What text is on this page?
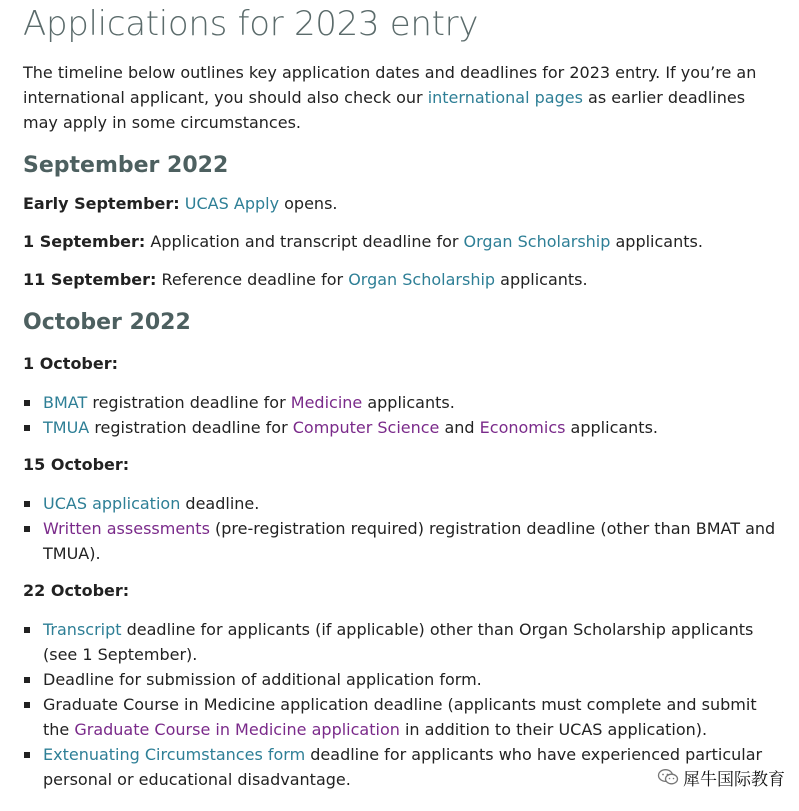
Applications for 2023 entry

The timeline below outlines key application dates and deadlines for 2023 entry. If you’re an international applicant, you should also check our international pages as earlier deadlines may apply in some circumstances.

September 2022

Early September: UCAS Apply opens.

1 September: Application and transcript deadline for Organ Scholarship applicants.

11 September: Reference deadline for Organ Scholarship applicants.

October 2022

1 October:

BMAT registration deadline for Medicine applicants.
TMUA registration deadline for Computer Science and Economics applicants.

15 October:

UCAS application deadline.
Written assessments (pre-registration required) registration deadline (other than BMAT and TMUA).

22 October:

Transcript deadline for applicants (if applicable) other than Organ Scholarship applicants (see 1 September).
Deadline for submission of additional application form.
Graduate Course in Medicine application deadline (applicants must complete and submit the Graduate Course in Medicine application in addition to their UCAS application).
Extenuating Circumstances form deadline for applicants who have experienced particular personal or educational disadvantage.	犀牛国际教育
